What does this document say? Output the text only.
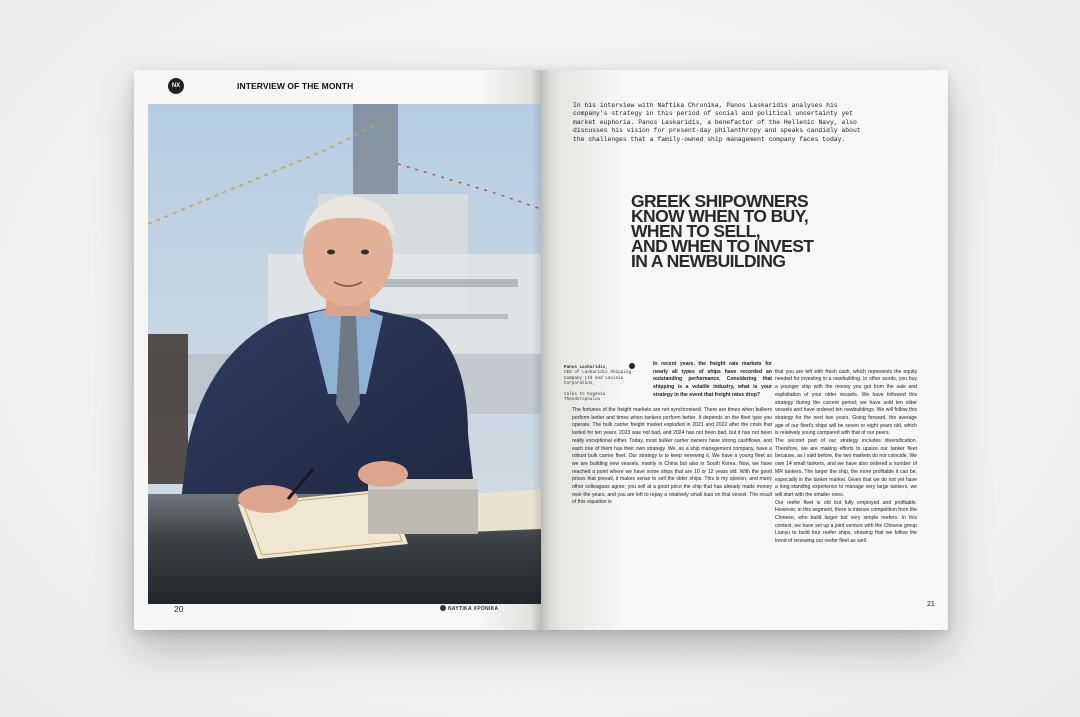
NX	INTERVIEW OF THE MONTH
20	ΝΑΥΤΙΚΑ ΧΡΟΝΙΚΑ
In his interview with Naftika Chronika, Panos Laskaridis analyses his company's strategy in this period of social and political uncertainty yet market euphoria. Panos Laskaridis, a benefactor of the Hellenic Navy, also discusses his vision for present-day philanthropy and speaks candidly about the challenges that a family-owned ship management company faces today.
GREEK SHIPOWNERS
KNOW WHEN TO BUY,
WHEN TO SELL,
AND WHEN TO INVEST
IN A NEWBUILDING
Panos Laskaridis,
CEO of Laskaridis Shipping Company Ltd and Lavinia Corporation,
talks to Eugenia Theodoropoulou

In recent years, the freight rate markets for nearly all types of ships have recorded an outstanding performance. Considering that shipping is a volatile industry, what is your strategy in the event that freight rates drop?

The fortunes of the freight markets are not synchronised. There are times when bulkers perform better and times when tankers perform better. It depends on the fleet type you operate. The bulk carrier freight market exploded in 2021 and 2022 after the crisis that lasted for ten years. 2023 was not bad, and 2024 has not been bad, but it has not been really exceptional either. Today, most bulker carrier owners have strong cashflows, and each one of them has their own strategy. We, as a ship management company, have a robust bulk carrier fleet. Our strategy is to keep renewing it. We have a young fleet as we are building new vessels, mainly in China but also in South Korea. Now, we have reached a point where we have some ships that are 10 or 12 years old. With the good prices that prevail, it makes sense to sell the older ships. This is my opinion, and many other colleagues agree; you sell at a good price the ship that has already made money over the years, and you are left to repay a relatively small loan on that vessel. The result of this equation is

that you are left with fresh cash, which represents the equity needed for investing in a newbuilding. In other words, you buy a younger ship with the money you got from the sale and exploitation of your older vessels. We have followed this strategy during the current period; we have sold ten older vessels and have ordered ten newbuildings. We will follow this strategy for the next two years. Going forward, the average age of our fleet's ships will be seven or eight years old, which is relatively young compared with that of our peers.
The second part of our strategy includes diversification. Therefore, we are making efforts to upsize our tanker fleet because, as I said before, the two markets do not coincide. We own 14 small tankers, and we have also ordered a number of MR tankers. The larger the ship, the more profitable it can be, especially in the tanker market. Given that we do not yet have a long-standing experience to manage very large tankers, we will start with the smaller ones.
Our reefer fleet is old but fully employed and profitable. However, in this segment, there is intense competition from the Chinese, who build larger but very simple reefers. In this context, we have set up a joint venture with the Chinese group Lianyu to build four reefer ships, showing that we follow the trend of renewing our reefer fleet as well.

21
